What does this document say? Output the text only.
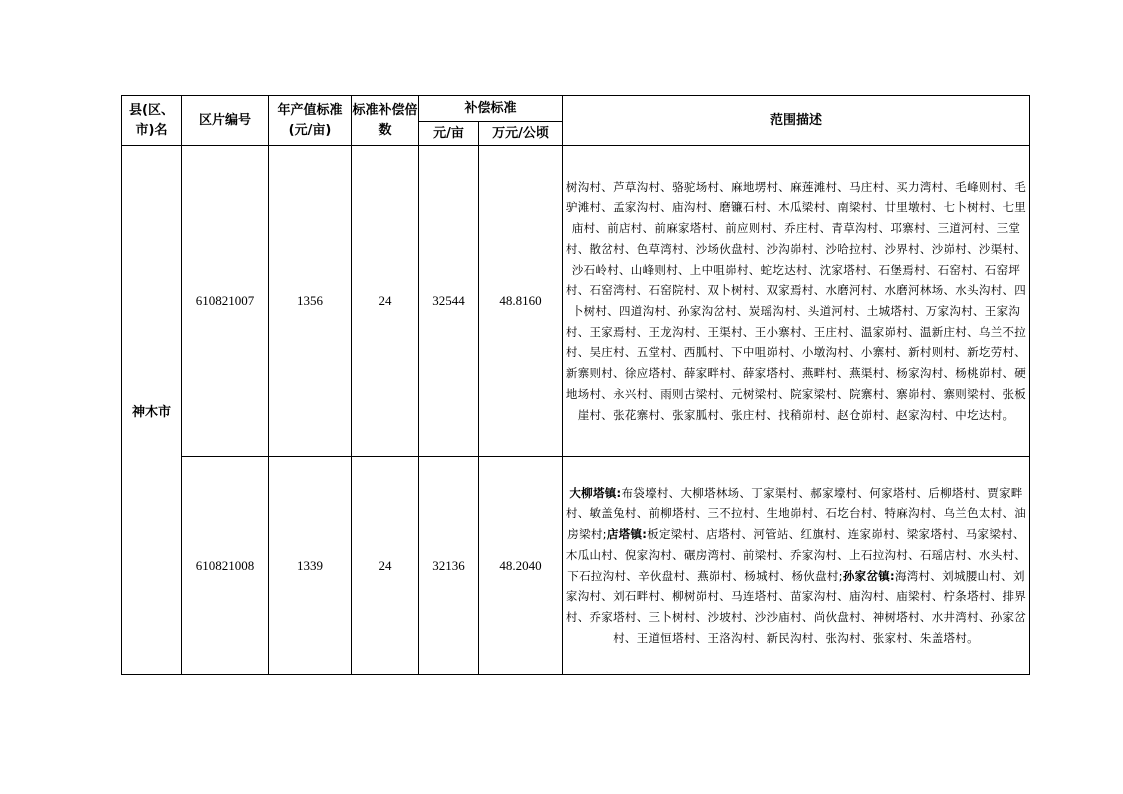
县(区、市)名	区片编号	年产值标准(元/亩)	标准补偿倍数	补偿标准		范围描述
				元/亩	万元/公顷	
神木市	610821007	1356	24	32544	48.8160	树沟村、芦草沟村、骆驼场村、麻地塄村、麻莲滩村、马庄村、买力湾村、毛峰则村、毛驴滩村、孟家沟村、庙沟村、磨镰石村、木瓜梁村、南梁村、廿里墩村、七卜树村、七里庙村、前店村、前麻家塔村、前应则村、乔庄村、青草沟村、邛寨村、三道河村、三堂村、散岔村、色草湾村、沙场伙盘村、沙沟峁村、沙哈拉村、沙界村、沙峁村、沙渠村、沙石岭村、山峰则村、上中咀峁村、蛇圪达村、沈家塔村、石堡焉村、石窑村、石窑坪村、石窑湾村、石窑院村、双卜树村、双家焉村、水磨河村、水磨河林场、水头沟村、四卜树村、四道沟村、孙家沟岔村、炭瑶沟村、头道河村、土城塔村、万家沟村、王家沟村、王家焉村、王龙沟村、王渠村、王小寨村、王庄村、温家峁村、温新庄村、乌兰不拉村、吴庄村、五堂村、西胍村、下中咀峁村、小墩沟村、小寨村、新村则村、新圪劳村、新寨则村、徐应塔村、薛家畔村、薛家塔村、燕畔村、燕渠村、杨家沟村、杨桃峁村、硬地场村、永兴村、雨则古梁村、元树梁村、院家梁村、院寨村、寨峁村、寨则梁村、张板崖村、张花寨村、张家胍村、张庄村、找稍峁村、赵仓峁村、赵家沟村、中圪达村。
	610821008	1339	24	32136	48.2040	大柳塔镇:布袋壕村、大柳塔林场、丁家渠村、郝家壕村、何家塔村、后柳塔村、贾家畔村、敏盖兔村、前柳塔村、三不拉村、生地峁村、石圪台村、特麻沟村、乌兰色太村、油房梁村;店塔镇:板定梁村、店塔村、河管站、红旗村、连家峁村、梁家塔村、马家梁村、木瓜山村、倪家沟村、碾房湾村、前梁村、乔家沟村、上石拉沟村、石瑶店村、水头村、下石拉沟村、辛伙盘村、燕峁村、杨城村、杨伙盘村;孙家岔镇:海湾村、刘城腰山村、刘家沟村、刘石畔村、柳树峁村、马连塔村、苗家沟村、庙沟村、庙梁村、柠条塔村、排界村、乔家塔村、三卜树村、沙坡村、沙沙庙村、尚伙盘村、神树塔村、水井湾村、孙家岔村、王道恒塔村、王洛沟村、新民沟村、张沟村、张家村、朱盖塔村。
